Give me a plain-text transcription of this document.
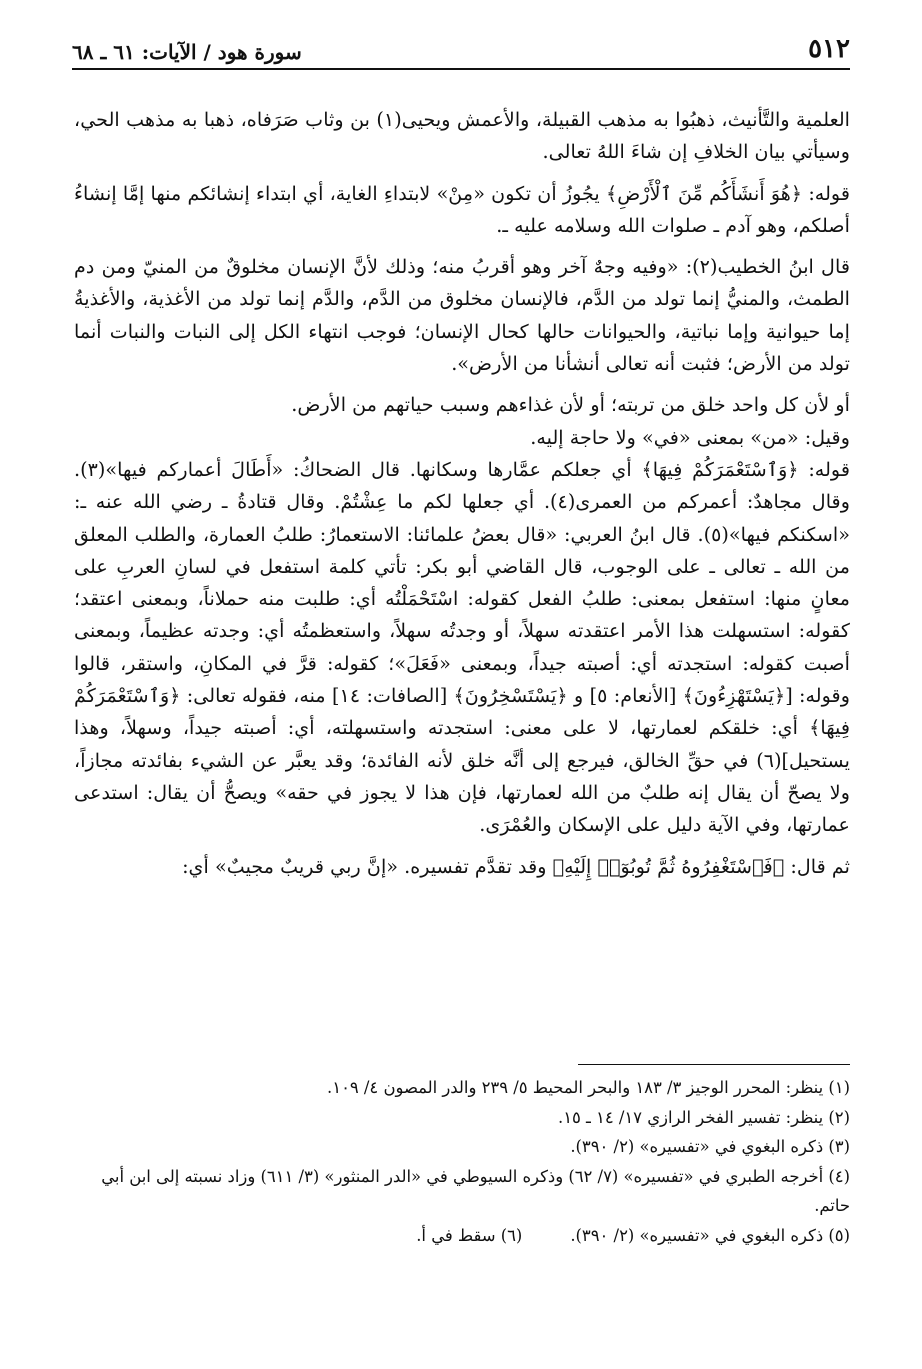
٥١٢
سورة هود / الآيات: ٦١ ـ ٦٨

العلمية والتَّأنيث، ذهبُوا به مذهب القبيلة، والأعمش ويحيى(١) بن وثاب صَرَفاه، ذهبا به مذهب الحي، وسيأتي بيان الخلافِ إن شاءَ اللهُ تعالى.

قوله: ﴿هُوَ أَنشَأَكُم مِّنَ ٱلْأَرْضِ﴾ يجُوزُ أن تكون «مِنْ» لابتداءِ الغاية، أي ابتداء إنشائكم منها إمَّا إنشاءُ أصلكم، وهو آدم ـ صلوات الله وسلامه عليه ـ.

قال ابنُ الخطيب(٢): «وفيه وجهٌ آخر وهو أقربُ منه؛ وذلك لأنَّ الإنسان مخلوقٌ من المنيّ ومن دم الطمث، والمنيُّ إنما تولد من الدَّم، فالإنسان مخلوق من الدَّم، والدَّم إنما تولد من الأغذية، والأغذيةُ إما حيوانية وإما نباتية، والحيوانات حالها كحال الإنسان؛ فوجب انتهاء الكل إلى النبات والنبات أنما تولد من الأرض؛ فثبت أنه تعالى أنشأنا من الأرض».

أو لأن كل واحد خلق من تربته؛ أو لأن غذاءهم وسبب حياتهم من الأرض.

وقيل: «من» بمعنى «في» ولا حاجة إليه.

قوله: ﴿وَٱسْتَعْمَرَكُمْ فِيهَا﴾ أي جعلكم عمَّارها وسكانها. قال الضحاكُ: «أَطَالَ أعماركم فيها»(٣). وقال مجاهدٌ: أعمركم من العمرى(٤). أي جعلها لكم ما عِشْتُمْ. وقال قتادةُ ـ رضي الله عنه ـ: «اسكنكم فيها»(٥). قال ابنُ العربي: «قال بعضُ علمائنا: الاستعمارُ: طلبُ العمارة، والطلب المعلق من الله ـ تعالى ـ على الوجوب، قال القاضي أبو بكر: تأتي كلمة استفعل في لسانِ العربِ على معانٍ منها: استفعل بمعنى: طلبُ الفعل كقوله: اسْتَحْمَلْتُه أي: طلبت منه حملاناً، وبمعنى اعتقد؛ كقوله: استسهلت هذا الأمر اعتقدته سهلاً، أو وجدتُه سهلاً، واستعظمتُه أي: وجدته عظيماً، وبمعنى أصبت كقوله: استجدته أي: أصبته جيداً، وبمعنى «فَعَلَ»؛ كقوله: قرَّ في المكانِ، واستقر، قالوا وقوله: [﴿يَسْتَهْزِءُونَ﴾ [الأنعام: ٥] و ﴿يَسْتَسْخِرُونَ﴾ [الصافات: ١٤] منه، فقوله تعالى: ﴿وَٱسْتَعْمَرَكُمْ فِيهَا﴾ أي: خلقكم لعمارتها، لا على معنى: استجدته واستسهلته، أي: أصبته جيداً، وسهلاً، وهذا يستحيل](٦) في حقِّ الخالق، فيرجع إلى أنَّه خلق لأنه الفائدة؛ وقد يعبَّر عن الشيء بفائدته مجازاً، ولا يصحّ أن يقال إنه طلبٌ من الله لعمارتها، فإن هذا لا يجوز في حقه» ويصحُّ أن يقال: استدعى عمارتها، وفي الآية دليل على الإسكان والعُمْرَى.

ثم قال: ﴿فَٱسْتَغْفِرُوهُ ثُمَّ تُوبُوٓا۟ إِلَيْهِ﴾ وقد تقدَّم تفسيره. «إنَّ ربي قريبٌ مجيبٌ» أي:

(١) ينظر: المحرر الوجيز ٣/ ١٨٣ والبحر المحيط ٥/ ٢٣٩ والدر المصون ٤/ ١٠٩.

(٢) ينظر: تفسير الفخر الرازي ١٧/ ١٤ ـ ١٥.

(٣) ذكره البغوي في «تفسيره» (٢/ ٣٩٠).

(٤) أخرجه الطبري في «تفسيره» (٧/ ٦٢) وذكره السيوطي في «الدر المنثور» (٣/ ٦١١) وزاد نسبته إلى ابن أبي حاتم.

(٥) ذكره البغوي في «تفسيره» (٢/ ٣٩٠).

(٦) سقط في أ.
